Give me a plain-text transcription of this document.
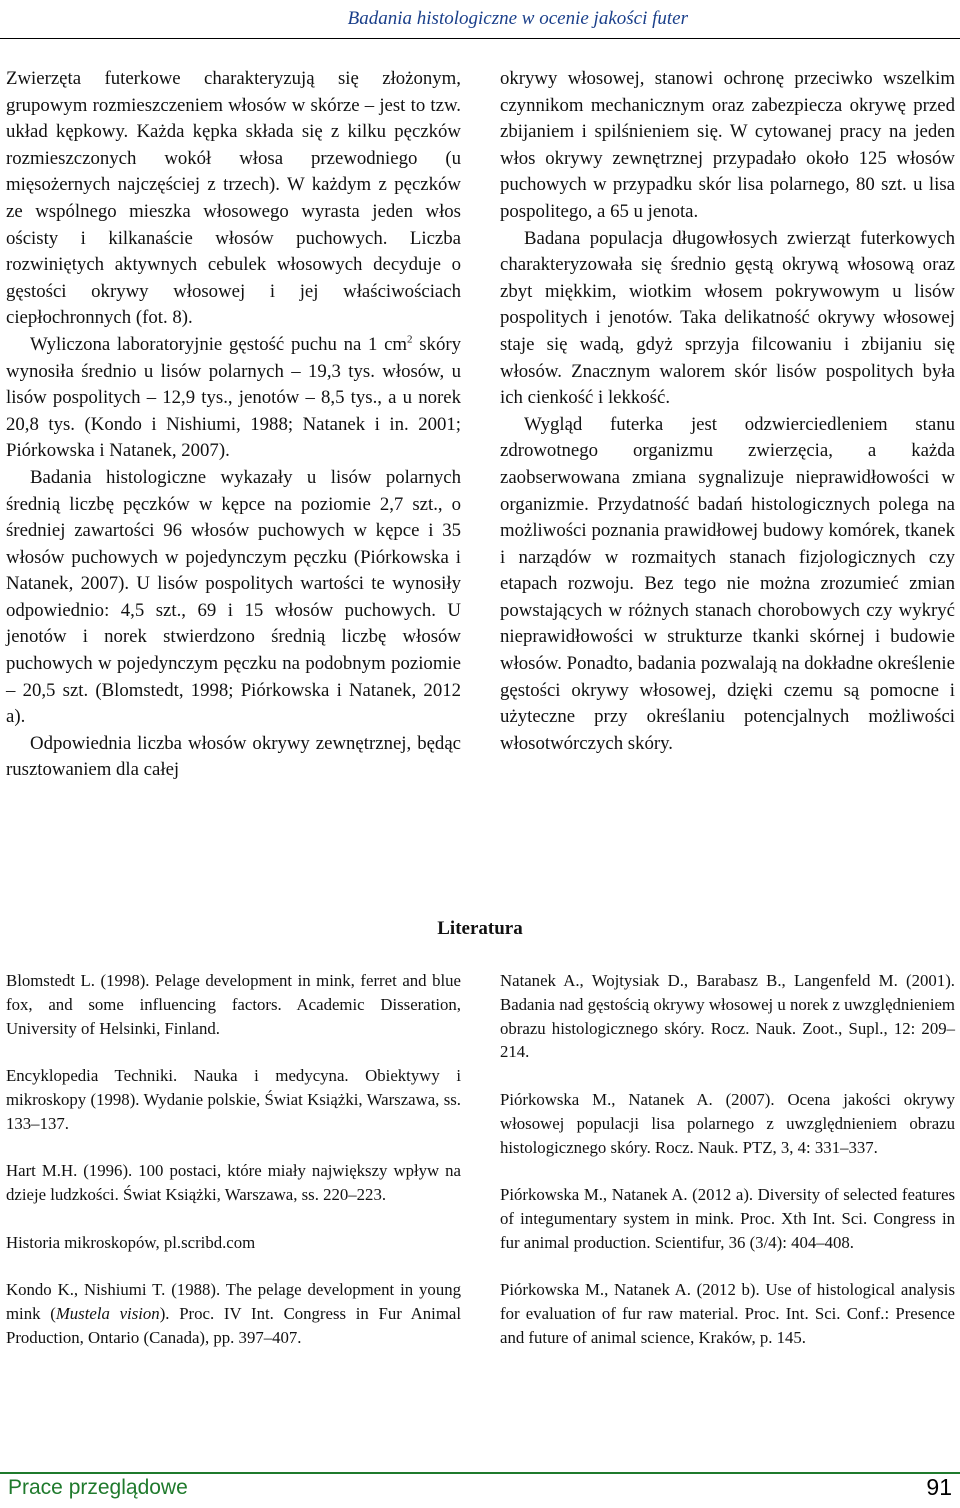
Badania histologiczne w ocenie jakości futer

Zwierzęta futerkowe charakteryzują się złożonym, grupowym rozmieszczeniem włosów w skórze – jest to tzw. układ kępkowy. Każda kępka składa się z kilku pęczków rozmieszczonych wokół włosa przewodniego (u mięsożernych najczęściej z trzech). W każdym z pęczków ze wspólnego mieszka włosowego wyrasta jeden włos ościsty i kilkanaście włosów puchowych. Liczba rozwiniętych aktywnych cebulek włosowych decyduje o gęstości okrywy włosowej i jej właściwościach ciepłochronnych (fot. 8).

Wyliczona laboratoryjnie gęstość puchu na 1 $cm^2$ skóry wynosiła średnio u lisów polarnych – 19,3 tys. włosów, u lisów pospolitych – 12,9 tys., jenotów – 8,5 tys., a u norek 20,8 tys. (Kondo i Nishiumi, 1988; Natanek i in. 2001; Piórkowska i Natanek, 2007).

Badania histologiczne wykazały u lisów polarnych średnią liczbę pęczków w kępce na poziomie 2,7 szt., o średniej zawartości 96 włosów puchowych w kępce i 35 włosów puchowych w pojedynczym pęczku (Piórkowska i Natanek, 2007). U lisów pospolitych wartości te wynosiły odpowiednio: 4,5 szt., 69 i 15 włosów puchowych. U jenotów i norek stwierdzono średnią liczbę włosów puchowych w pojedynczym pęczku na podobnym poziomie – 20,5 szt. (Blomstedt, 1998; Piórkowska i Natanek, 2012 a).

Odpowiednia liczba włosów okrywy zewnętrznej, będąc rusztowaniem dla całej

okrywy włosowej, stanowi ochronę przeciwko wszelkim czynnikom mechanicznym oraz zabezpiecza okrywę przed zbijaniem i spilśnieniem się. W cytowanej pracy na jeden włos okrywy zewnętrznej przypadało około 125 włosów puchowych w przypadku skór lisa polarnego, 80 szt. u lisa pospolitego, a 65 u jenota.

Badana populacja długowłosych zwierząt futerkowych charakteryzowała się średnio gęstą okrywą włosową oraz zbyt miękkim, wiotkim włosem pokrywowym u lisów pospolitych i jenotów. Taka delikatność okrywy włosowej staje się wadą, gdyż sprzyja filcowaniu i zbijaniu się włosów. Znacznym walorem skór lisów pospolitych była ich cienkość i lekkość.

Wygląd futerka jest odzwierciedleniem stanu zdrowotnego organizmu zwierzęcia, a każda zaobserwowana zmiana sygnalizuje nieprawidłowości w organizmie. Przydatność badań histologicznych polega na możliwości poznania prawidłowej budowy komórek, tkanek i narządów w rozmaitych stanach fizjologicznych czy etapach rozwoju. Bez tego nie można zrozumieć zmian powstających w różnych stanach chorobowych czy wykryć nieprawidłowości w strukturze tkanki skórnej i budowie włosów. Ponadto, badania pozwalają na dokładne określenie gęstości okrywy włosowej, dzięki czemu są pomocne i użyteczne przy określaniu potencjalnych możliwości włosotwórczych skóry.

Literatura

Blomstedt L. (1998). Pelage development in mink, ferret and blue fox, and some influencing factors. Academic Disseration, University of Helsinki, Finland.

Encyklopedia Techniki. Nauka i medycyna. Obiektywy i mikroskopy (1998). Wydanie polskie, Świat Książki, Warszawa, ss. 133–137.

Hart M.H. (1996). 100 postaci, które miały największy wpływ na dzieje ludzkości. Świat Książki, Warszawa, ss. 220–223.

Historia mikroskopów, pl.scribd.com

Kondo K., Nishiumi T. (1988). The pelage development in young mink (Mustela vision). Proc. IV Int. Congress in Fur Animal Production, Ontario (Canada), pp. 397–407.

Natanek A., Wojtysiak D., Barabasz B., Langenfeld M. (2001). Badania nad gęstością okrywy włosowej u norek z uwzględnieniem obrazu histologicznego skóry. Rocz. Nauk. Zoot., Supl., 12: 209–214.

Piórkowska M., Natanek A. (2007). Ocena jakości okrywy włosowej populacji lisa polarnego z uwzględnieniem obrazu histologicznego skóry. Rocz. Nauk. PTZ, 3, 4: 331–337.

Piórkowska M., Natanek A. (2012 a). Diversity of selected features of integumentary system in mink. Proc. Xth Int. Sci. Congress in fur animal production. Scientifur, 36 (3/4): 404–408.

Piórkowska M., Natanek A. (2012 b). Use of histological analysis for evaluation of fur raw material. Proc. Int. Sci. Conf.: Presence and future of animal science, Kraków, p. 145.

Prace przeglądowe	91
